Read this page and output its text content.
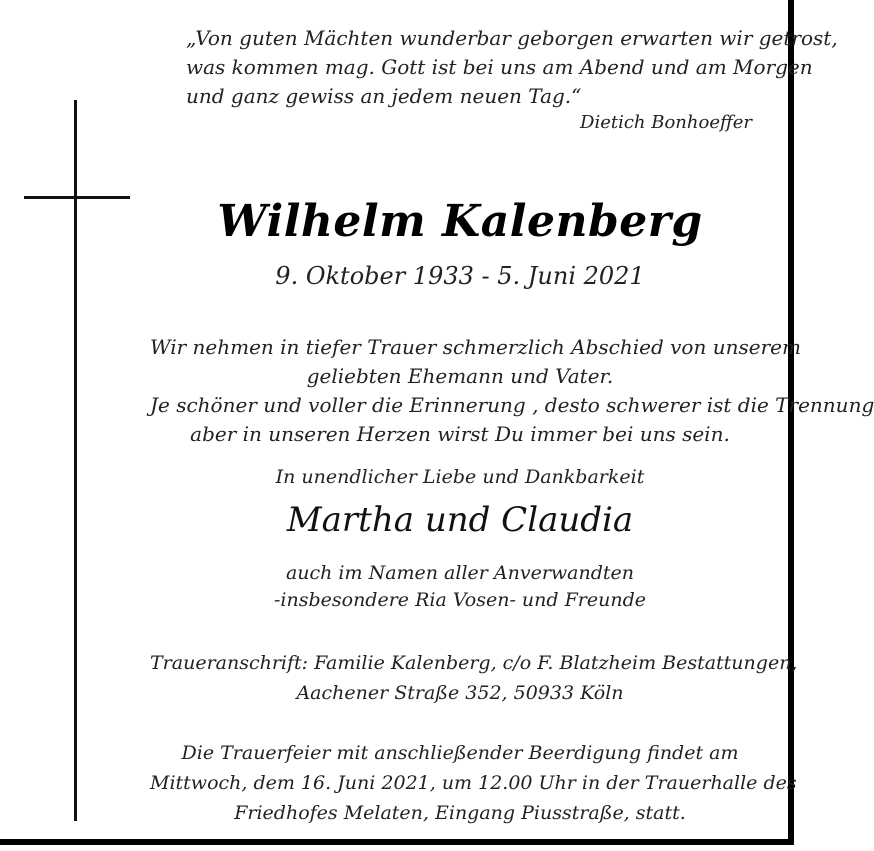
„Von guten Mächten wunderbar geborgen erwarten wir getrost,
was kommen mag. Gott ist bei uns am Abend und am Morgen
und ganz gewiss an jedem neuen Tag.“
Dietich Bonhoeffer
Wilhelm Kalenberg
9. Oktober 1933 - 5. Juni 2021
Wir nehmen in tiefer Trauer schmerzlich Abschied von unserem
geliebten Ehemann und Vater.
Je schöner und voller die Erinnerung , desto schwerer ist die Trennung
aber in unseren Herzen wirst Du immer bei uns sein.
In unendlicher Liebe und Dankbarkeit
Martha und Claudia
auch im Namen aller Anverwandten
-insbesondere Ria Vosen- und Freunde
Traueranschrift: Familie Kalenberg, c/o F. Blatzheim Bestattungen,
Aachener Straße 352, 50933 Köln
Die Trauerfeier mit anschließender Beerdigung findet am
Mittwoch, dem 16. Juni 2021, um 12.00 Uhr in der Trauerhalle des
Friedhofes Melaten, Eingang Piusstraße, statt.
